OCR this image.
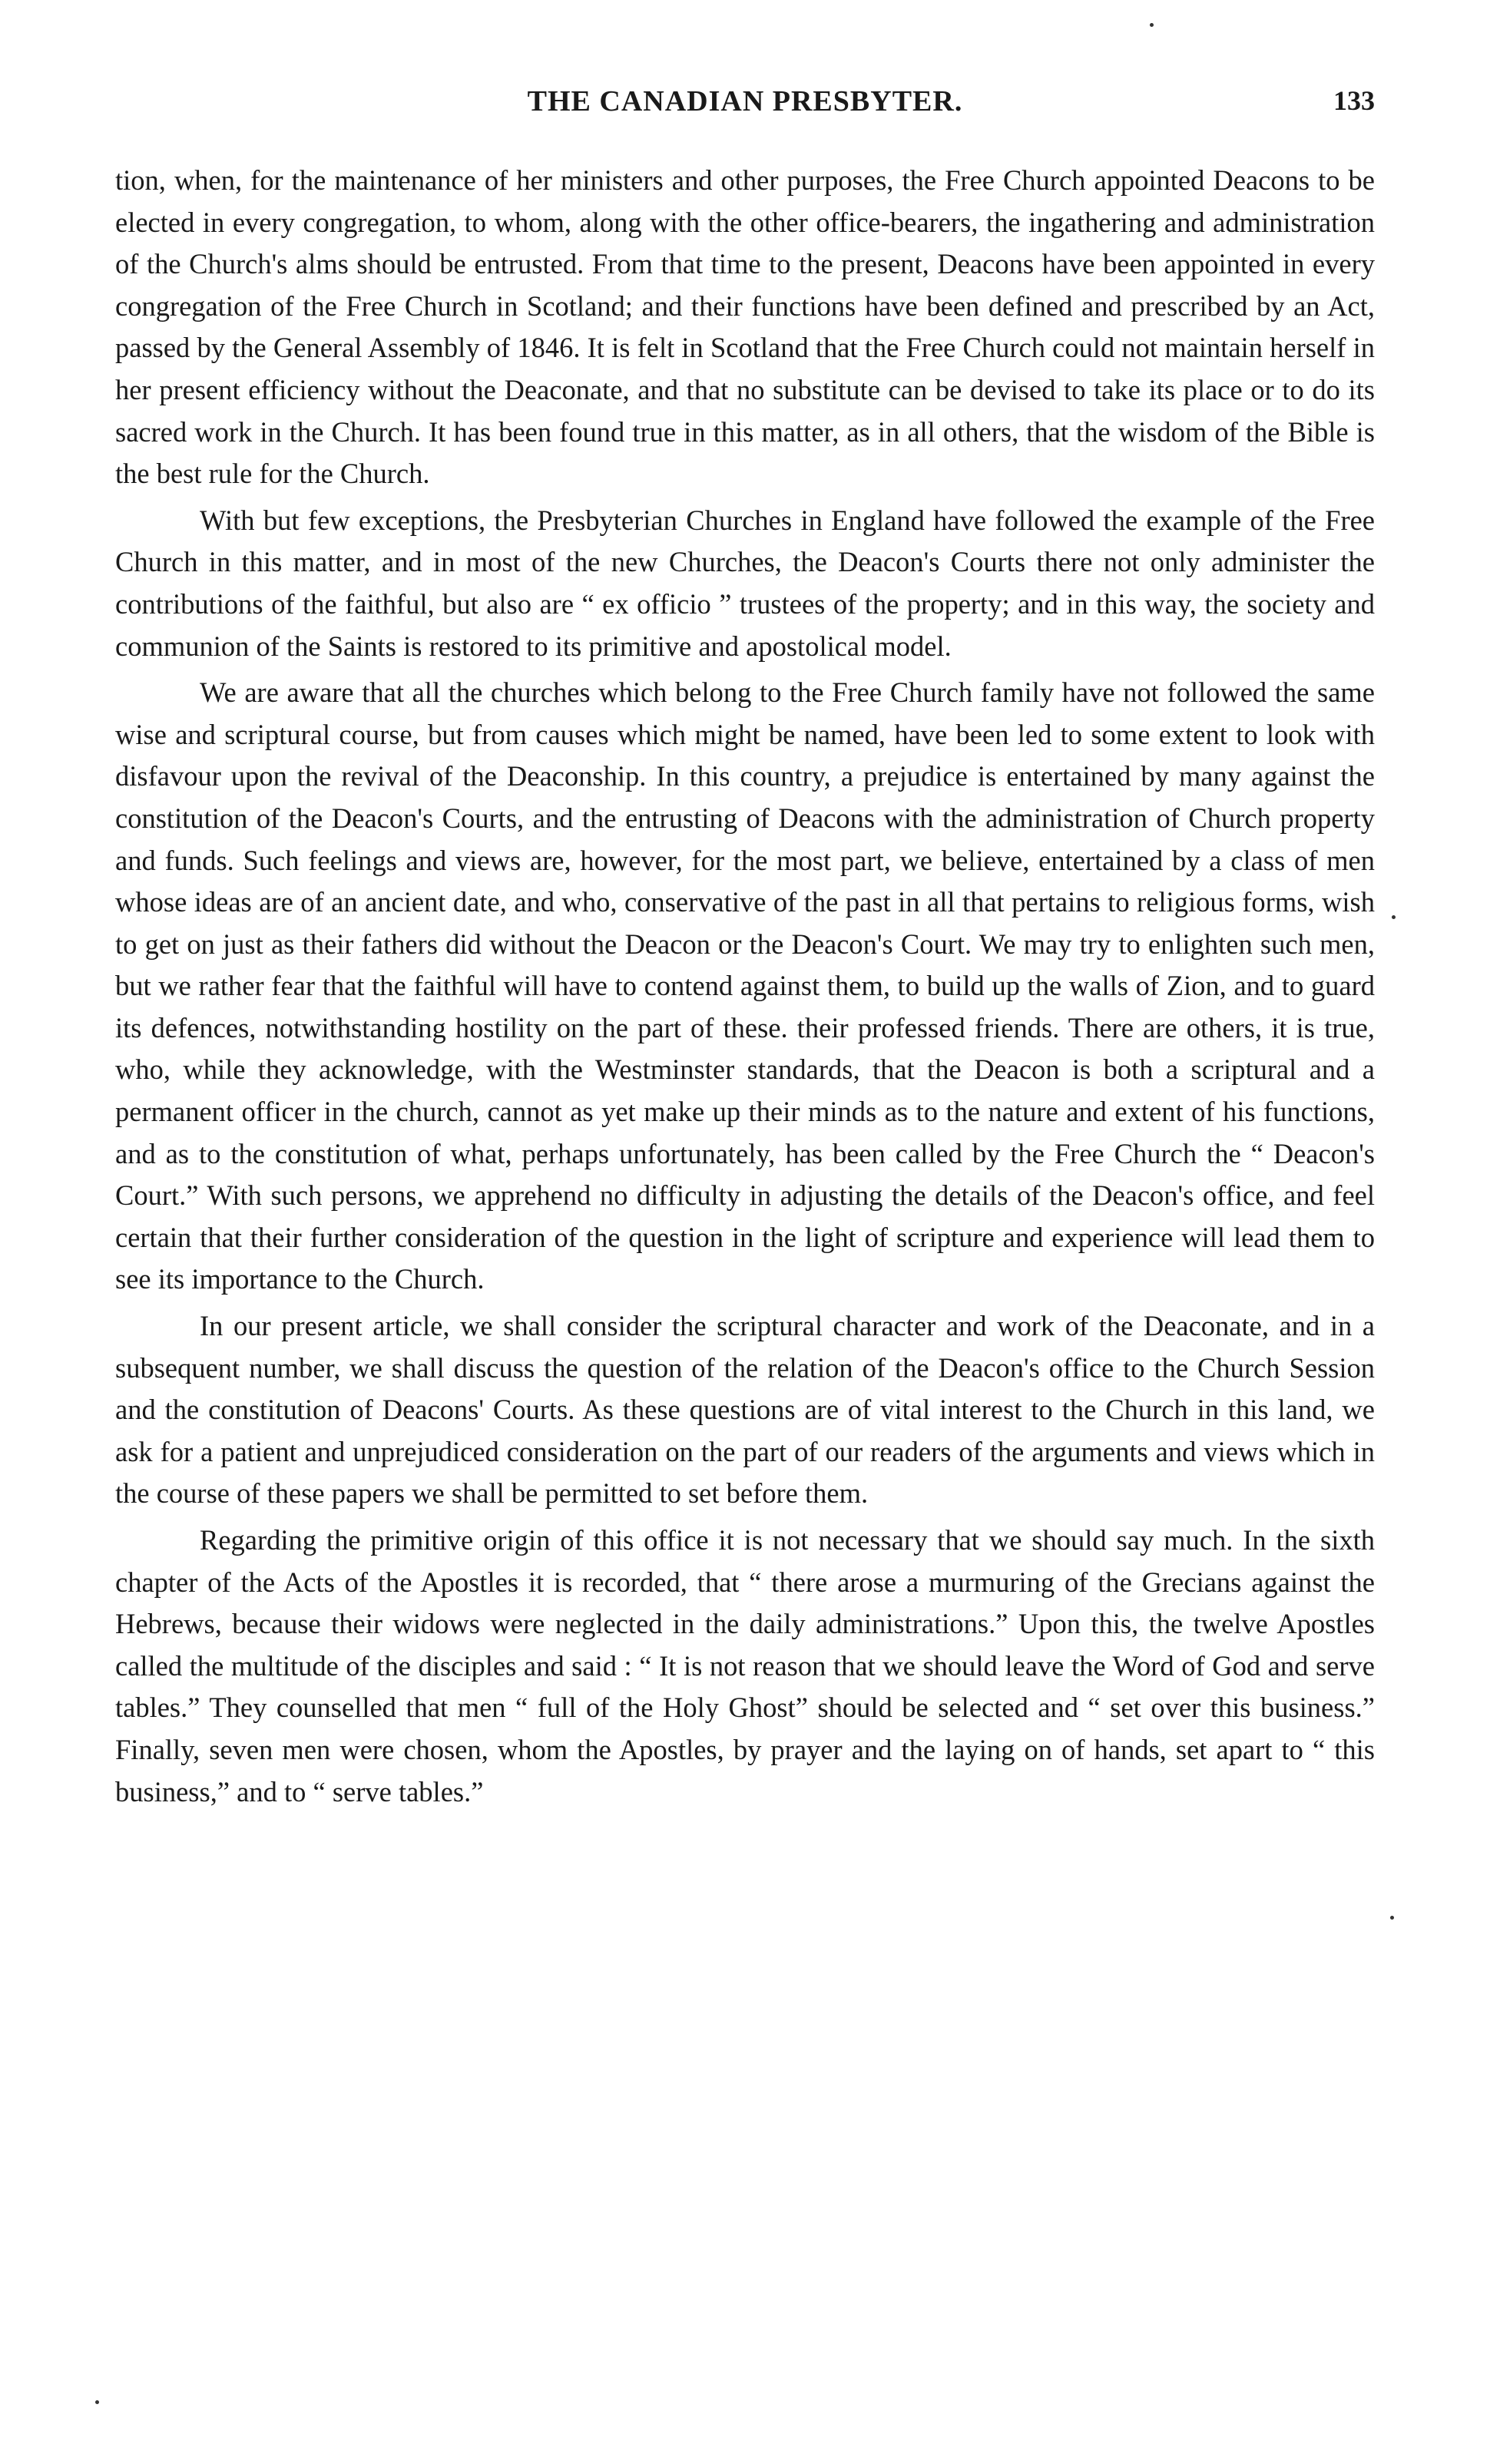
THE CANADIAN PRESBYTER.	133

tion, when, for the maintenance of her ministers and other purposes, the Free Church appointed Deacons to be elected in every congregation, to whom, along with the other office-bearers, the ingathering and administration of the Church's alms should be entrusted. From that time to the present, Deacons have been appointed in every congregation of the Free Church in Scotland; and their functions have been defined and prescribed by an Act, passed by the General Assembly of 1846. It is felt in Scotland that the Free Church could not maintain herself in her present efficiency without the Deaconate, and that no substitute can be devised to take its place or to do its sacred work in the Church. It has been found true in this matter, as in all others, that the wisdom of the Bible is the best rule for the Church.

With but few exceptions, the Presbyterian Churches in England have followed the example of the Free Church in this matter, and in most of the new Churches, the Deacon's Courts there not only administer the contributions of the faithful, but also are “ ex officio ” trustees of the property; and in this way, the society and communion of the Saints is restored to its primitive and apostolical model.

We are aware that all the churches which belong to the Free Church family have not followed the same wise and scriptural course, but from causes which might be named, have been led to some extent to look with disfavour upon the revival of the Deaconship. In this country, a prejudice is entertained by many against the constitution of the Deacon's Courts, and the entrusting of Deacons with the administration of Church property and funds. Such feelings and views are, however, for the most part, we believe, entertained by a class of men whose ideas are of an ancient date, and who, conservative of the past in all that pertains to religious forms, wish to get on just as their fathers did without the Deacon or the Deacon's Court. We may try to enlighten such men, but we rather fear that the faithful will have to contend against them, to build up the walls of Zion, and to guard its defences, notwithstanding hostility on the part of these. their professed friends. There are others, it is true, who, while they acknowledge, with the Westminster standards, that the Deacon is both a scriptural and a permanent officer in the church, cannot as yet make up their minds as to the nature and extent of his functions, and as to the constitution of what, perhaps unfortunately, has been called by the Free Church the “ Deacon's Court.” With such persons, we apprehend no difficulty in adjusting the details of the Deacon's office, and feel certain that their further consideration of the question in the light of scripture and experience will lead them to see its importance to the Church.

In our present article, we shall consider the scriptural character and work of the Deaconate, and in a subsequent number, we shall discuss the question of the relation of the Deacon's office to the Church Session and the constitution of Deacons' Courts. As these questions are of vital interest to the Church in this land, we ask for a patient and unprejudiced consideration on the part of our readers of the arguments and views which in the course of these papers we shall be permitted to set before them.

Regarding the primitive origin of this office it is not necessary that we should say much. In the sixth chapter of the Acts of the Apostles it is recorded, that “ there arose a murmuring of the Grecians against the Hebrews, because their widows were neglected in the daily administrations.” Upon this, the twelve Apostles called the multitude of the disciples and said : “ It is not reason that we should leave the Word of God and serve tables.” They counselled that men “ full of the Holy Ghost” should be selected and “ set over this business.” Finally, seven men were chosen, whom the Apostles, by prayer and the laying on of hands, set apart to “ this business,” and to “ serve tables.”
